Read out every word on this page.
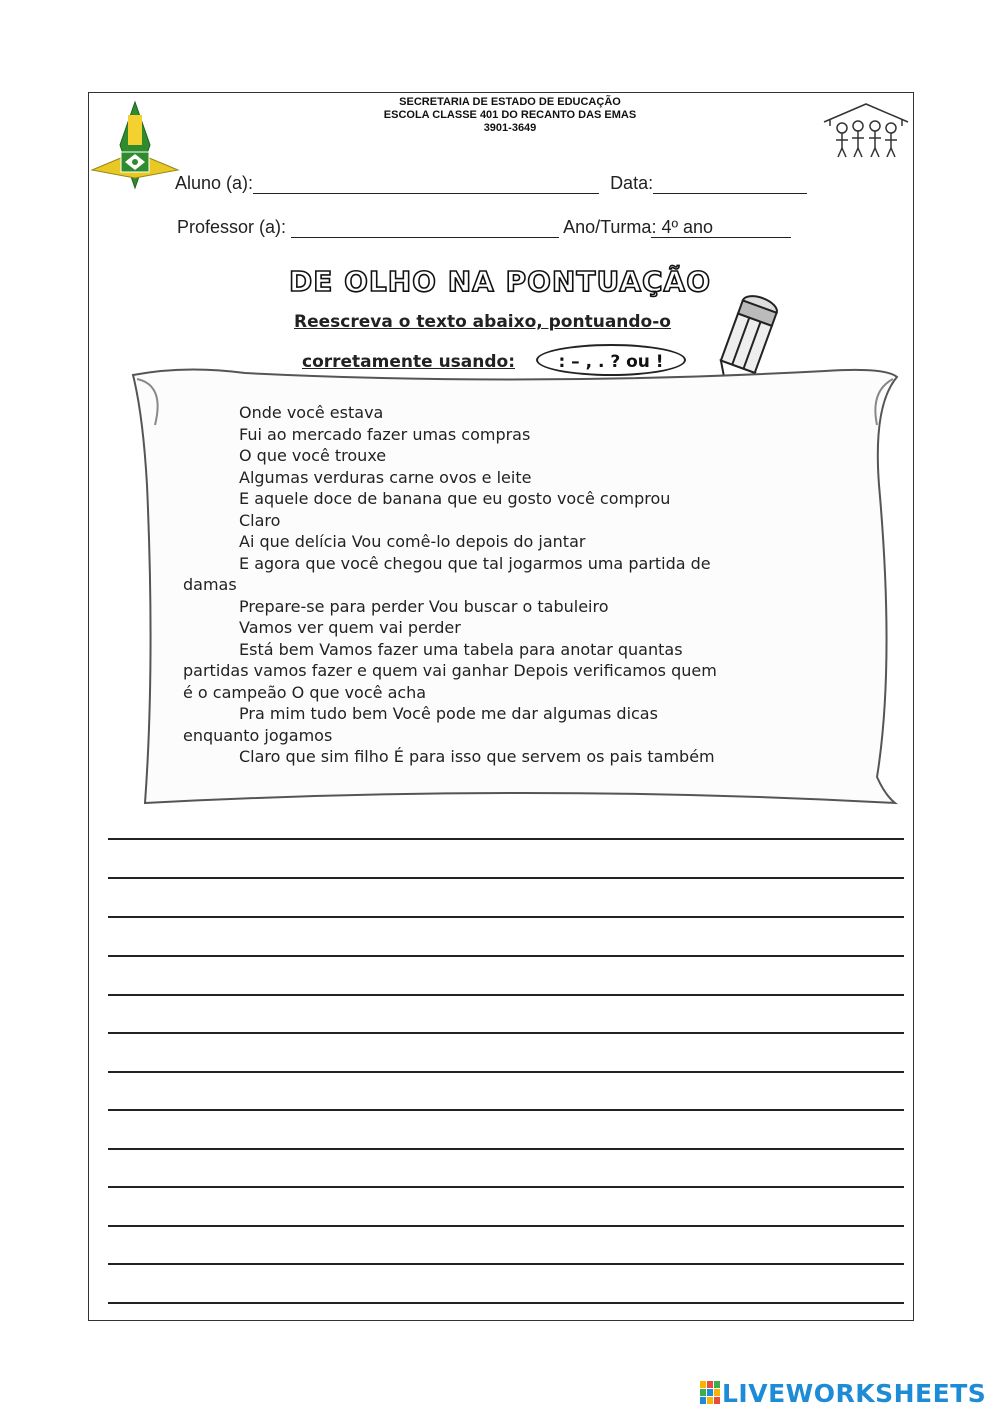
SECRETARIA DE ESTADO DE EDUCAÇÃO
ESCOLA CLASSE 401 DO RECANTO DAS EMAS
3901-3649
Aluno (a):	Data:
Professor (a):	Ano/Turma: 4º ano
DE OLHO NA PONTUAÇÃO
Reescreva o texto abaixo, pontuando-o
corretamente usando:	: – , . ? ou !
Onde você estava
Fui ao mercado fazer umas compras
O que você trouxe
Algumas verduras carne ovos e leite
E aquele doce de banana que eu gosto você comprou
Claro
Ai que delícia Vou comê-lo depois do jantar
E agora que você chegou que tal jogarmos uma partida de
damas
Prepare-se para perder Vou buscar o tabuleiro
Vamos ver quem vai perder
Está bem Vamos fazer uma tabela para anotar quantas
partidas vamos fazer e quem vai ganhar Depois verificamos quem
é o campeão O que você acha
Pra mim tudo bem Você pode me dar algumas dicas
enquanto jogamos
Claro que sim filho É para isso que servem os pais também
LIVEWORKSHEETS
